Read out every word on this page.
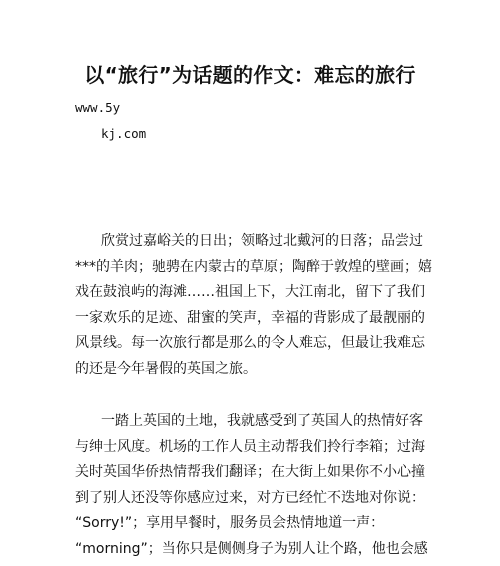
以“旅行”为话题的作文：难忘的旅行
www.5y
kj.com
欣赏过嘉峪关的日出；领略过北戴河的日落；品尝过
***的羊肉；驰骋在内蒙古的草原；陶醉于敦煌的壁画；嬉
戏在鼓浪屿的海滩……祖国上下，大江南北，留下了我们
一家欢乐的足迹、甜蜜的笑声，幸福的背影成了最靓丽的
风景线。每一次旅行都是那么的令人难忘，但最让我难忘
的还是今年暑假的英国之旅。
一踏上英国的土地，我就感受到了英国人的热情好客
与绅士风度。机场的工作人员主动帮我们拎行李箱；过海
关时英国华侨热情帮我们翻译；在大街上如果你不小心撞
到了别人还没等你感应过来，对方已经忙不迭地对你说：
“Sorry!”；享用早餐时，服务员会热情地道一声：
“morning”；当你只是侧侧身子为别人让个路，他也会感
